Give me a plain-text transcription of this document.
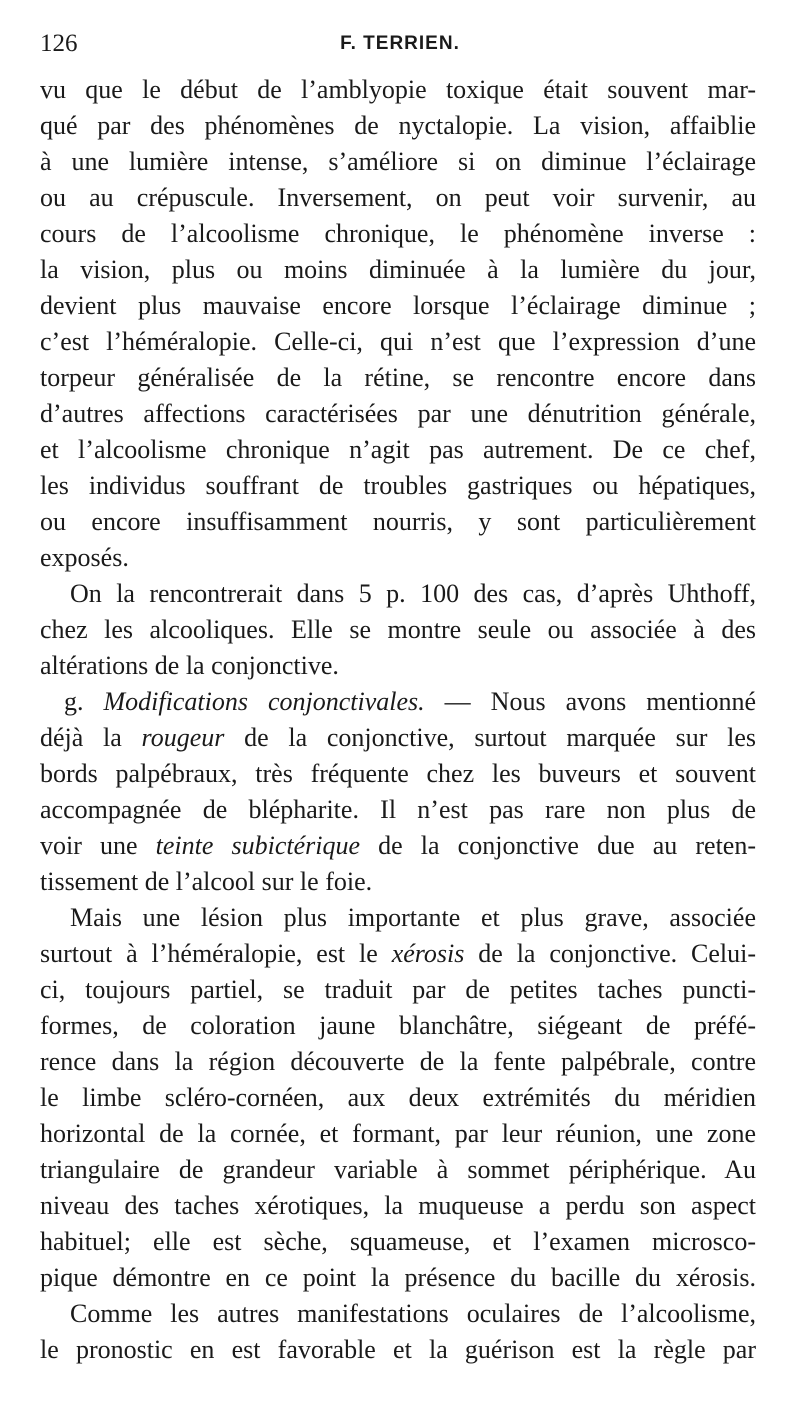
126	F. TERRIEN.
vu que le début de l’amblyopie toxique était souvent mar-
qué par des phénomènes de nyctalopie. La vision, affaiblie
à une lumière intense, s’améliore si on diminue l’éclairage
ou au crépuscule. Inversement, on peut voir survenir, au
cours de l’alcoolisme chronique, le phénomène inverse :
la vision, plus ou moins diminuée à la lumière du jour,
devient plus mauvaise encore lorsque l’éclairage diminue ;
c’est l’héméralopie. Celle-ci, qui n’est que l’expression d’une
torpeur généralisée de la rétine, se rencontre encore dans
d’autres affections caractérisées par une dénutrition générale,
et l’alcoolisme chronique n’agit pas autrement. De ce chef,
les individus souffrant de troubles gastriques ou hépatiques,
ou encore insuffisamment nourris, y sont particulièrement
exposés.
On la rencontrerait dans 5 p. 100 des cas, d’après Uhthoff,
chez les alcooliques. Elle se montre seule ou associée à des
altérations de la conjonctive.
g. Modifications conjonctivales. — Nous avons mentionné
déjà la rougeur de la conjonctive, surtout marquée sur les
bords palpébraux, très fréquente chez les buveurs et souvent
accompagnée de blépharite. Il n’est pas rare non plus de
voir une teinte subictérique de la conjonctive due au reten-
tissement de l’alcool sur le foie.
Mais une lésion plus importante et plus grave, associée
surtout à l’héméralopie, est le xérosis de la conjonctive. Celui-
ci, toujours partiel, se traduit par de petites taches puncti-
formes, de coloration jaune blanchâtre, siégeant de préfé-
rence dans la région découverte de la fente palpébrale, contre
le limbe scléro-cornéen, aux deux extrémités du méridien
horizontal de la cornée, et formant, par leur réunion, une zone
triangulaire de grandeur variable à sommet périphérique. Au
niveau des taches xérotiques, la muqueuse a perdu son aspect
habituel; elle est sèche, squameuse, et l’examen microsco-
pique démontre en ce point la présence du bacille du xérosis.
Comme les autres manifestations oculaires de l’alcoolisme,
le pronostic en est favorable et la guérison est la règle par
